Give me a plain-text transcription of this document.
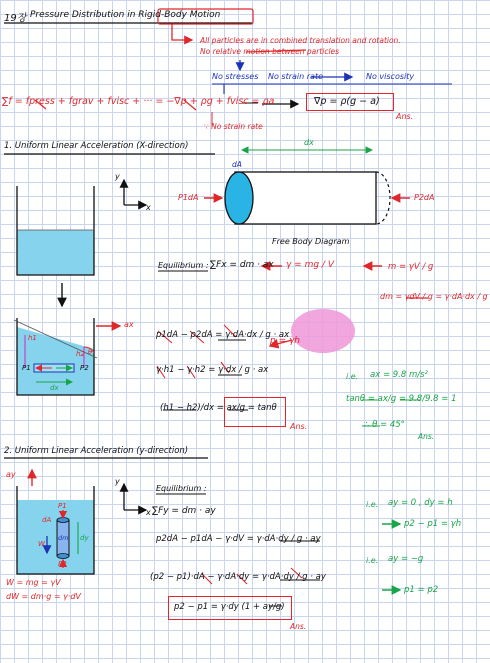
19장 Pressure Distribution in Rigid-Body Motion
All particles are in combined translation and rotation.
No relative motion between particles
No stresses No strain rate	No viscosity
∑f = fpress + fgrav + fvisc + ··· = −∇p + ρg + fvisc = ρa	∇p = ρ(g − a)
∵ No strain rate
Ans.
1. Uniform Linear Acceleration (X-direction)
y
x
dA
dx
P1dA	P2dA
Free Body Diagram
Equilibrium : ∑Fx = dm · ax γ = mg / V	m = γV / g
dm = γdV / g = γ·dA·dx / g
ax
h1
h2
P1	P2
dx
θ
p1dA − p2dA = γ·dA·dx / g · ax
p = γh
γ·h1 − γ·h2 = γ·dx / g · ax
(h1 − h2)/dx = ax/g = tanθ
Ans.
i.e. ax = 9.8 m/s²
tanθ = ax/g = 9.8/9.8 = 1
∴ θ = 45°
Ans.
2. Uniform Linear Acceleration (y-direction)
ay
y
x
P1
P2
dA
dm dy
W
W = mg = γV
dW = dm·g = γ·dV
Equilibrium :
∑Fy = dm · ay
p2dA − p1dA − γ·dV = γ·dA·dy / g · ay
(p2 − p1)·dA − γ·dA·dy = γ·dA·dy / g · ay
p2 − p1 = γ·dy (1 + ay/g)
Ans.
i.e. ay = 0 , dy = h
p2 − p1 = γh
i.e. ay = −g
p1 = p2
